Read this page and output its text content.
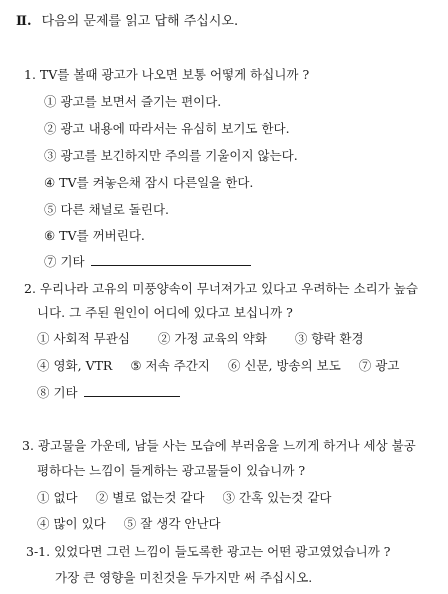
Ⅱ. 다음의 문제를 읽고 답해 주십시오.
1. TV를 볼때 광고가 나오면 보통 어떻게 하십니까 ?
① 광고를 보면서 즐기는 편이다.
② 광고 내용에 따라서는 유심히 보기도 한다.
③ 광고를 보긴하지만 주의를 기울이지 않는다.
④ TV를 켜놓은채 잠시 다른일을 한다.
⑤ 다른 채널로 돌린다.
⑥ TV를 꺼버린다.
⑦ 기타
2. 우리나라 고유의 미풍양속이 무너져가고 있다고 우려하는 소리가 높습
니다. 그 주된 원인이 어디에 있다고 보십니까 ?
① 사회적 무관심 ② 가정 교육의 약화 ③ 향락 환경
④ 영화, VTR ⑤ 저속 주간지 ⑥ 신문, 방송의 보도 ⑦ 광고
⑧ 기타
3. 광고물을 가운데, 남들 사는 모습에 부러움을 느끼게 하거나 세상 불공
평하다는 느낌이 들게하는 광고물들이 있습니까 ?
① 없다 ② 별로 없는것 같다 ③ 간혹 있는것 같다
④ 많이 있다 ⑤ 잘 생각 안난다
3-1. 있었다면 그런 느낌이 들도록한 광고는 어떤 광고였었습니까 ?
가장 큰 영향을 미친것을 두가지만 써 주십시오.
